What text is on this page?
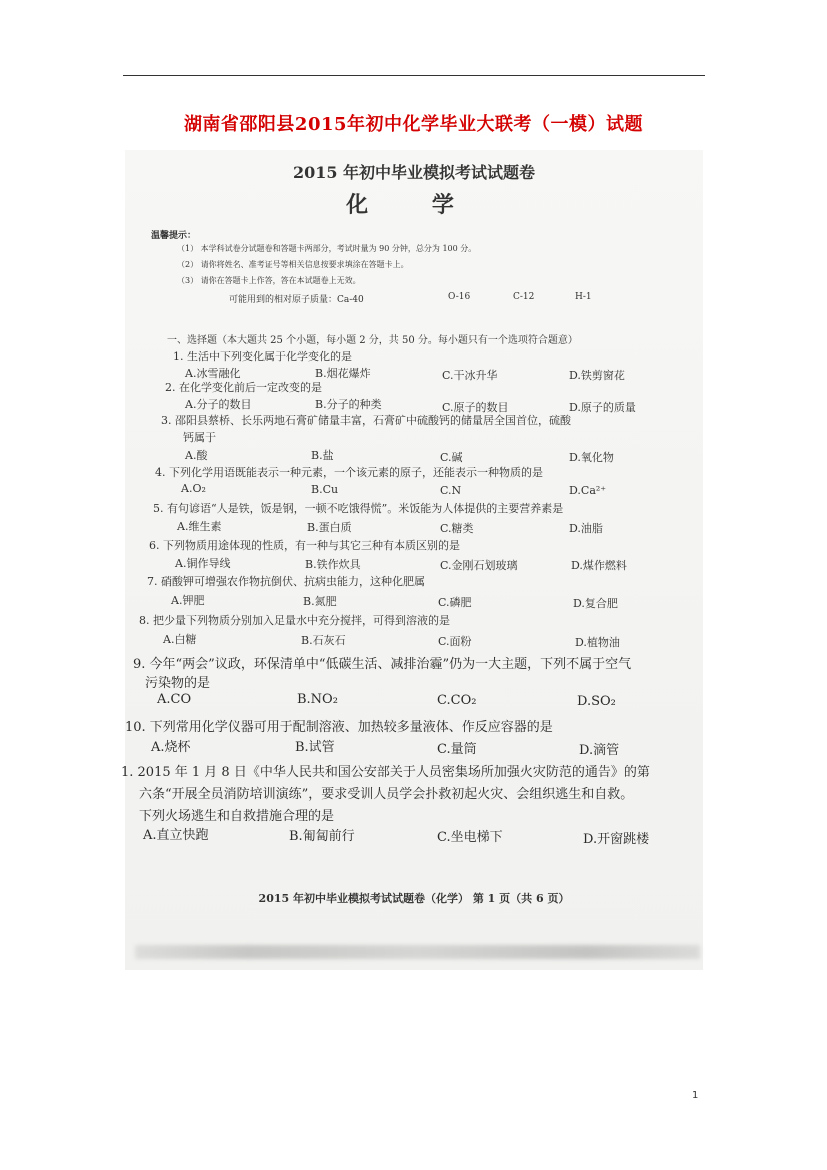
湖南省邵阳县2015年初中化学毕业大联考（一模）试题
2015 年初中毕业模拟考试试题卷
化 学
温馨提示：
（1） 本学科试卷分试题卷和答题卡两部分，考试时量为 90 分钟，总分为 100 分。
（2） 请你将姓名、准考证号等相关信息按要求填涂在答题卡上。
（3） 请你在答题卡上作答，答在本试题卷上无效。
可能用到的相对原子质量：Ca-40	O-16	C-12	H-1
一、选择题（本大题共 25 个小题，每小题 2 分，共 50 分。每小题只有一个选项符合题意）
1. 生活中下列变化属于化学变化的是
A.冰雪融化	B.烟花爆炸	C.干冰升华	D.铁剪窗花
2. 在化学变化前后一定改变的是
A.分子的数目	B.分子的种类	C.原子的数目	D.原子的质量
3. 邵阳县蔡桥、长乐两地石膏矿储量丰富，石膏矿中硫酸钙的储量居全国首位，硫酸
钙属于
A.酸	B.盐	C.碱	D.氧化物
4. 下列化学用语既能表示一种元素，一个该元素的原子，还能表示一种物质的是
A.O₂	B.Cu	C.N	D.Ca²⁺
5. 有句谚语“人是铁，饭是钢，一顿不吃饿得慌”。米饭能为人体提供的主要营养素是
A.维生素	B.蛋白质	C.糖类	D.油脂
6. 下列物质用途体现的性质，有一种与其它三种有本质区别的是
A.铜作导线	B.铁作炊具	C.金刚石划玻璃	D.煤作燃料
7. 硝酸钾可增强农作物抗倒伏、抗病虫能力，这种化肥属
A.钾肥	B.氮肥	C.磷肥	D.复合肥
8. 把少量下列物质分别加入足量水中充分搅拌，可得到溶液的是
A.白糖	B.石灰石	C.面粉	D.植物油
9. 今年“两会”议政，环保清单中“低碳生活、减排治霾”仍为一大主题，下列不属于空气
污染物的是
A.CO	B.NO₂	C.CO₂	D.SO₂
10. 下列常用化学仪器可用于配制溶液、加热较多量液体、作反应容器的是
A.烧杯	B.试管	C.量筒	D.滴管
1. 2015 年 1 月 8 日《中华人民共和国公安部关于人员密集场所加强火灾防范的通告》的第
六条“开展全员消防培训演练”，要求受训人员学会扑救初起火灾、会组织逃生和自救。
下列火场逃生和自救措施合理的是
A.直立快跑	B.匍匐前行	C.坐电梯下	D.开窗跳楼
2015 年初中毕业模拟考试试题卷（化学） 第 1 页（共 6 页）
1
